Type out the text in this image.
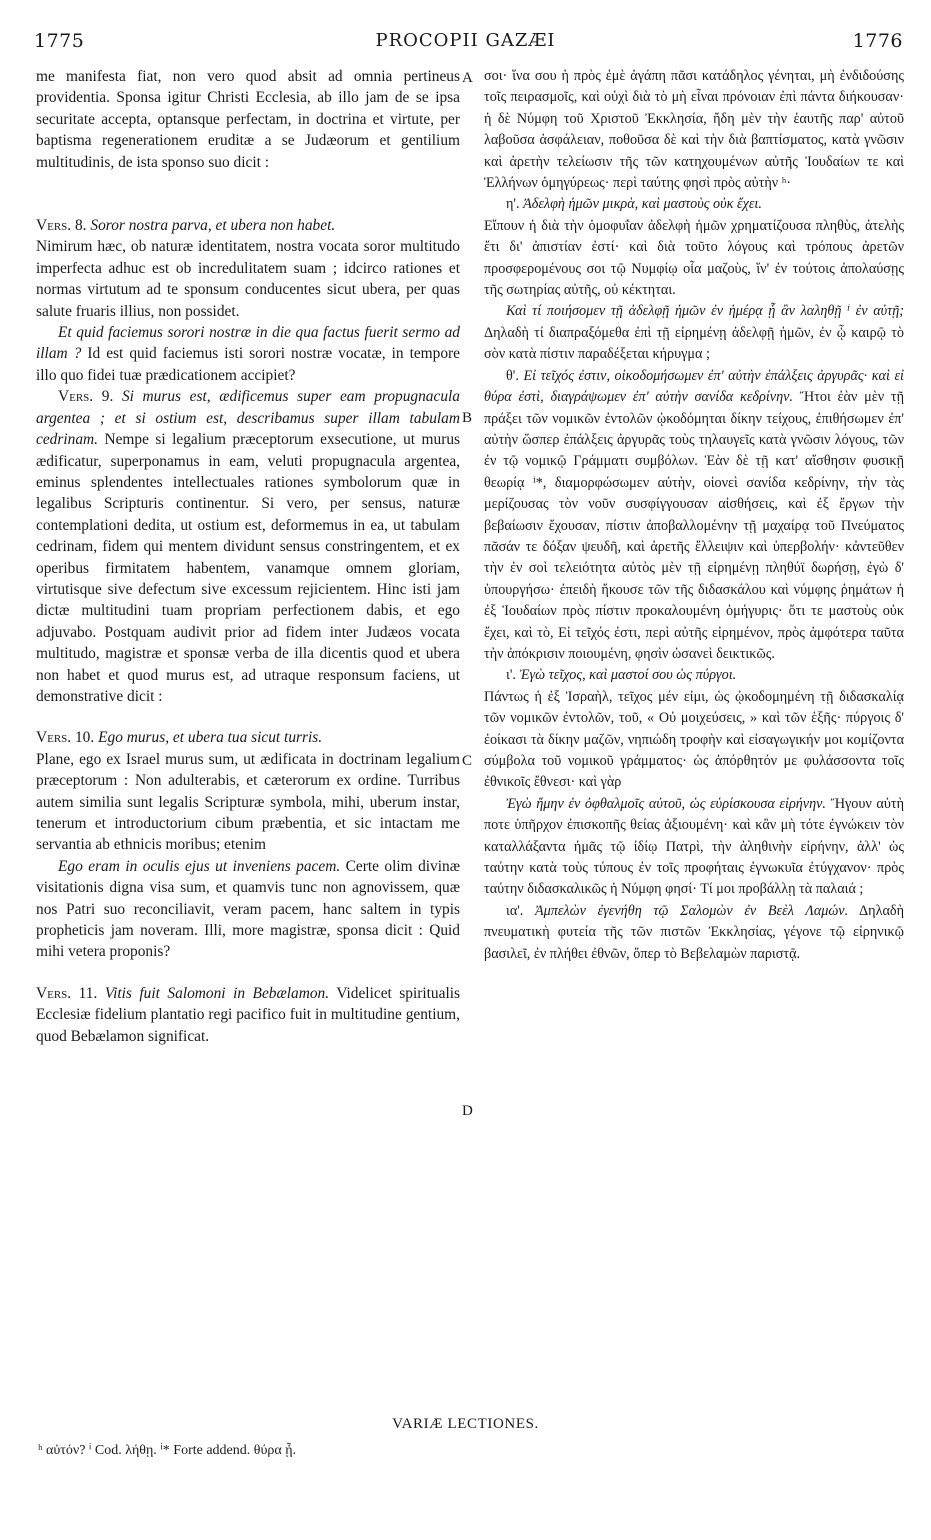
PROCOPII GAZÆI
1775	1776

me manifesta fiat, non vero quod absit ad omnia pertineus providentia. Sponsa igitur Christi Ecclesia, ab illo jam de se ipsa securitate accepta, optansque perfectam, in doctrina et virtute, per baptisma regenerationem eruditæ a se Judæorum et gentilium multitudinis, de ista sponso suo dicit :

Vers. 8. Soror nostra parva, et ubera non habet.

Nimirum hæc, ob naturæ identitatem, nostra vocata soror multitudo imperfecta adhuc est ob incredulitatem suam ; idcirco rationes et normas virtutum ad te sponsum conducentes sicut ubera, per quas salute fruaris illius, non possidet.

Et quid faciemus sorori nostræ in die qua factus fuerit sermo ad illam ? Id est quid faciemus isti sorori nostræ vocatæ, in tempore illo quo fidei tuæ prædicationem accipiet?

Vers. 9. Si murus est, ædificemus super eam propugnacula argentea ; et si ostium est, describamus super illam tabulam cedrinam. Nempe si legalium præceptorum exsecutione, ut murus ædificatur, superponamus in eam, veluti propugnacula argentea, eminus splendentes intellectuales rationes symbolorum quæ in legalibus Scripturis continentur. Si vero, per sensus, naturæ contemplationi dedita, ut ostium est, deformemus in ea, ut tabulam cedrinam, fidem qui mentem dividunt sensus constringentem, et ex operibus firmitatem habentem, vanamque omnem gloriam, virtutisque sive defectum sive excessum rejicientem. Hinc isti jam dictæ multitudini tuam propriam perfectionem dabis, et ego adjuvabo. Postquam audivit prior ad fidem inter Judæos vocata multitudo, magistræ et sponsæ verba de illa dicentis quod et ubera non habet et quod murus est, ad utraque responsum faciens, ut demonstrative dicit :

Vers. 10. Ego murus, et ubera tua sicut turris.

Plane, ego ex Israel murus sum, ut ædificata in doctrinam legalium præceptorum : Non adulterabis, et cæterorum ex ordine. Turribus autem similia sunt legalis Scripturæ symbola, mihi, uberum instar, tenerum et introductorium cibum præbentia, et sic intactam me servantia ab ethnicis moribus; etenim

Ego eram in oculis ejus ut inveniens pacem. Certe olim divinæ visitationis digna visa sum, et quamvis tunc non agnovissem, quæ nos Patri suo reconciliavit, veram pacem, hanc saltem in typis propheticis jam noveram. Illi, more magistræ, sponsa dicit : Quid mihi vetera proponis?

Vers. 11. Vitis fuit Salomoni in Bebælamon. Videlicet spiritualis Ecclesiæ fidelium plantatio regi pacifico fuit in multitudine gentium, quod Bebælamon significat.

A
B
C
D

σοι· ἵνα σου ἡ πρὸς ἐμὲ ἀγάπη πᾶσι κατάδηλος γένηται, μὴ ἐνδιδούσης τοῖς πειρασμοῖς, καὶ οὐχὶ διὰ τὸ μὴ εἶναι πρόνοιαν ἐπὶ πάντα διήκουσαν· ἡ δὲ Νύμφη τοῦ Χριστοῦ Ἐκκλησία, ἤδη μὲν τὴν ἑαυτῆς παρ' αὐτοῦ λαβοῦσα ἀσφάλειαν, ποθοῦσα δὲ καὶ τὴν διὰ βαπτίσματος, κατὰ γνῶσιν καὶ ἀρετὴν τελείωσιν τῆς τῶν κατηχουμένων αὐτῆς Ἰουδαίων τε καὶ Ἑλλήνων ὁμηγύρεως· περὶ ταύτης φησὶ πρὸς αὐτὴν ʰ·

η'. Ἀδελφὴ ἡμῶν μικρὰ, καὶ μαστοὺς οὐκ ἔχει.

Εἴπουν ἡ διὰ τὴν ὁμοφυΐαν ἀδελφὴ ἡμῶν χρηματίζουσα πληθὺς, ἀτελὴς ἔτι δι' ἀπιστίαν ἐστί· καὶ διὰ τοῦτο λόγους καὶ τρόπους ἀρετῶν προσφερομένους σοι τῷ Νυμφίῳ οἷα μαζοὺς, ἵν' ἐν τούτοις ἀπολαύσῃς τῆς σωτηρίας αὐτῆς, οὐ κέκτηται.

Καὶ τί ποιήσομεν τῇ ἀδελφῇ ἡμῶν ἐν ἡμέρᾳ ᾗ ἂν λαληθῇ ⁱ ἐν αὐτῇ; Δηλαδὴ τί διαπραξόμεθα ἐπὶ τῇ εἰρημένῃ ἀδελφῇ ἡμῶν, ἐν ᾧ καιρῷ τὸ σὸν κατὰ πίστιν παραδέξεται κήρυγμα ;

θ'. Εἰ τεῖχός ἐστιν, οἰκοδομήσωμεν ἐπ' αὐτὴν ἐπάλξεις ἀργυρᾶς· καὶ εἰ θύρα ἐστὶ, διαγράψωμεν ἐπ' αὐτὴν σανίδα κεδρίνην. Ἤτοι ἐὰν μὲν τῇ πράξει τῶν νομικῶν ἐντολῶν ᾠκοδόμηται δίκην τείχους, ἐπιθήσωμεν ἐπ' αὐτὴν ὥσπερ ἐπάλξεις ἀργυρᾶς τοὺς τηλαυγεῖς κατὰ γνῶσιν λόγους, τῶν ἐν τῷ νομικῷ Γράμματι συμβόλων. Ἐὰν δὲ τῇ κατ' αἴσθησιν φυσικῇ θεωρίᾳ ⁱ*, διαμορφώσωμεν αὐτὴν, οἱονεὶ σανίδα κεδρίνην, τὴν τὰς μερίζουσας τὸν νοῦν συσφίγγουσαν αἰσθήσεις, καὶ ἐξ ἔργων τὴν βεβαίωσιν ἔχουσαν, πίστιν ἀποβαλλομένην τῇ μαχαίρᾳ τοῦ Πνεύματος πᾶσάν τε δόξαν ψευδῆ, καὶ ἀρετῆς ἔλλειψιν καὶ ὑπερβολήν· κἀντεῦθεν τὴν ἐν σοὶ τελειότητα αὐτὸς μὲν τῇ εἰρημένῃ πληθύϊ δωρήσῃ, ἐγὼ δ' ὑπουργήσω· ἐπειδὴ ἤκουσε τῶν τῆς διδασκάλου καὶ νύμφης ῥημάτων ἡ ἐξ Ἰουδαίων πρὸς πίστιν προκαλουμένη ὁμήγυρις· ὅτι τε μαστοὺς οὐκ ἔχει, καὶ τὸ, Εἰ τεῖχός ἐστι, περὶ αὐτῆς εἰρημένον, πρὸς ἀμφότερα ταῦτα τὴν ἀπόκρισιν ποιουμένη, φησὶν ὡσανεὶ δεικτικῶς.

ι'. Ἐγὼ τεῖχος, καὶ μαστοί σου ὡς πύργοι.

Πάντως ἡ ἐξ Ἰσραὴλ, τεῖχος μέν εἰμι, ὡς ᾠκοδομημένη τῇ διδασκαλίᾳ τῶν νομικῶν ἐντολῶν, τοῦ, « Οὐ μοιχεύσεις, » καὶ τῶν ἑξῆς· πύργοις δ' ἐοίκασι τὰ δίκην μαζῶν, νηπιώδη τροφὴν καὶ εἰσαγωγικήν μοι κομίζοντα σύμβολα τοῦ νομικοῦ γράμματος· ὡς ἀπόρθητόν με φυλάσσοντα τοῖς ἐθνικοῖς ἔθνεσι· καὶ γὰρ

Ἐγὼ ἤμην ἐν ὀφθαλμοῖς αὐτοῦ, ὡς εὑρίσκουσα εἰρήνην. Ἤγουν αὐτὴ ποτε ὑπῆρχον ἐπισκοπῆς θείας ἀξιουμένη· καὶ κἂν μὴ τότε ἐγνώκειν τὸν καταλλάξαντα ἡμᾶς τῷ ἰδίῳ Πατρὶ, τὴν ἀληθινὴν εἰρήνην, ἀλλ' ὡς ταύτην κατὰ τοὺς τύπους ἐν τοῖς προφήταις ἐγνωκυῖα ἐτύγχανον· πρὸς ταύτην διδασκαλικῶς ἡ Νύμφη φησί· Τί μοι προβάλλῃ τὰ παλαιά ;

ια'. Ἀμπελὼν ἐγενήθη τῷ Σαλομὼν ἐν Βεὲλ Λαμών. Δηλαδὴ πνευματικὴ φυτεία τῆς τῶν πιστῶν Ἐκκλησίας, γέγονε τῷ εἰρηνικῷ βασιλεῖ, ἐν πλήθει ἐθνῶν, ὅπερ τὸ Βεβελαμὼν παριστᾷ.

VARIÆ LECTIONES.
ʰ αὐτόν? ⁱ Cod. λήθῃ. ⁱ* Forte addend. θύρα ᾖ.
